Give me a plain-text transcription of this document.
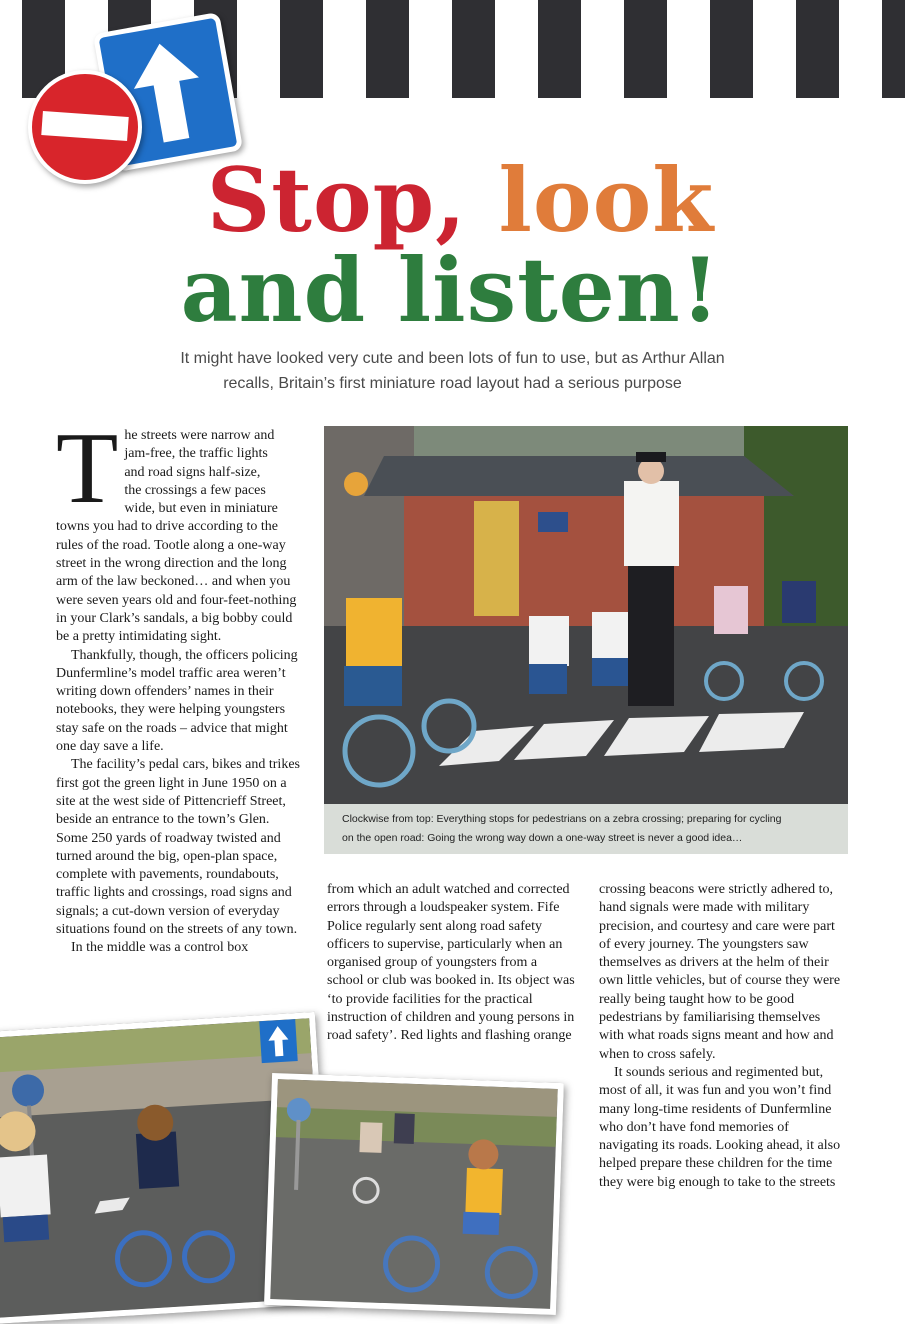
Stop, look
and listen!
It might have looked very cute and been lots of fun to use, but as Arthur Allan
recalls, Britain’s first miniature road layout had a serious purpose

T he streets were narrow and
jam-free, the traffic lights
and road signs half-size,
the crossings a few paces
wide, but even in miniature
towns you had to drive according to the rules of the road. Tootle along a one-way street in the wrong direction and the long arm of the law beckoned… and when you were seven years old and four-feet-nothing in your Clark’s sandals, a big bobby could be a pretty intimidating sight.

Thankfully, though, the officers policing Dunfermline’s model traffic area weren’t writing down offenders’ names in their notebooks, they were helping youngsters stay safe on the roads – advice that might one day save a life.

The facility’s pedal cars, bikes and trikes first got the green light in June 1950 on a site at the west side of Pittencrieff Street, beside an entrance to the town’s Glen. Some 250 yards of roadway twisted and turned around the big, open-plan space, complete with pavements, roundabouts, traffic lights and crossings, road signs and signals; a cut-down version of everyday situations found on the streets of any town.

In the middle was a control box

Clockwise from top: Everything stops for pedestrians on a zebra crossing; preparing for cycling
on the open road: Going the wrong way down a one-way street is never a good idea…

from which an adult watched and corrected errors through a loudspeaker system. Fife Police regularly sent along road safety officers to supervise, particularly when an organised group of youngsters from a school or club was booked in. Its object was ‘to provide facilities for the practical instruction of children and young persons in road safety’. Red lights and flashing orange

crossing beacons were strictly adhered to, hand signals were made with military precision, and courtesy and care were part of every journey. The youngsters saw themselves as drivers at the helm of their own little vehicles, but of course they were really being taught how to be good pedestrians by familiarising themselves with what roads signs meant and how and when to cross safely.

It sounds serious and regimented but, most of all, it was fun and you won’t find many long-time residents of Dunfermline who don’t have fond memories of navigating its roads. Looking ahead, it also helped prepare these children for the time they were big enough to take to the streets
